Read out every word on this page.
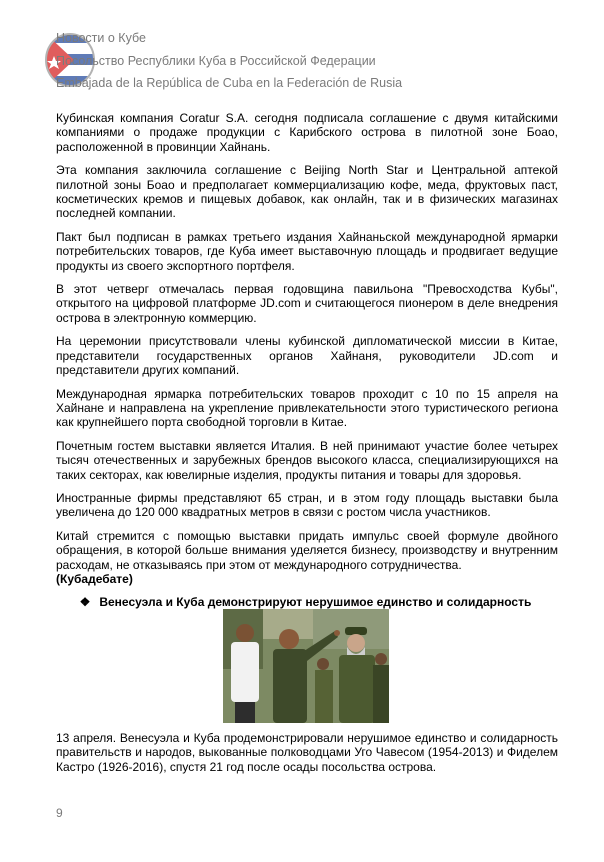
Новости о Кубе
Посольство Республики Куба в Российской Федерации
Embajada de la República de Cuba en la Federación de Rusia

Кубинская компания Coratur S.A. сегодня подписала соглашение с двумя китайскими компаниями о продаже продукции с Карибского острова в пилотной зоне Боао, расположенной в провинции Хайнань.

Эта компания заключила соглашение с Beijing North Star и Центральной аптекой пилотной зоны Боао и предполагает коммерциализацию кофе, меда, фруктовых паст, косметических кремов и пищевых добавок, как онлайн, так и в физических магазинах последней компании.

Пакт был подписан в рамках третьего издания Хайнаньской международной ярмарки потребительских товаров, где Куба имеет выставочную площадь и продвигает ведущие продукты из своего экспортного портфеля.

В этот четверг отмечалась первая годовщина павильона "Превосходства Кубы", открытого на цифровой платформе JD.com и считающегося пионером в деле внедрения острова в электронную коммерцию.

На церемонии присутствовали члены кубинской дипломатической миссии в Китае, представители государственных органов Хайнаня, руководители JD.com и представители других компаний.

Международная ярмарка потребительских товаров проходит с 10 по 15 апреля на Хайнане и направлена на укрепление привлекательности этого туристического региона как крупнейшего порта свободной торговли в Китае.

Почетным гостем выставки является Италия. В ней принимают участие более четырех тысяч отечественных и зарубежных брендов высокого класса, специализирующихся на таких секторах, как ювелирные изделия, продукты питания и товары для здоровья.

Иностранные фирмы представляют 65 стран, и в этом году площадь выставки была увеличена до 120 000 квадратных метров в связи с ростом числа участников.

Китай стремится с помощью выставки придать импульс своей формуле двойного обращения, в которой больше внимания уделяется бизнесу, производству и внутренним расходам, не отказываясь при этом от международного сотрудничества.

(Кубадебате)

❖ Венесуэла и Куба демонстрируют нерушимое единство и солидарность

13 апреля. Венесуэла и Куба продемонстрировали нерушимое единство и солидарность правительств и народов, выкованные полководцами Уго Чавесом (1954-2013) и Фиделем Кастро (1926-2016), спустя 21 год после осады посольства острова.

9
